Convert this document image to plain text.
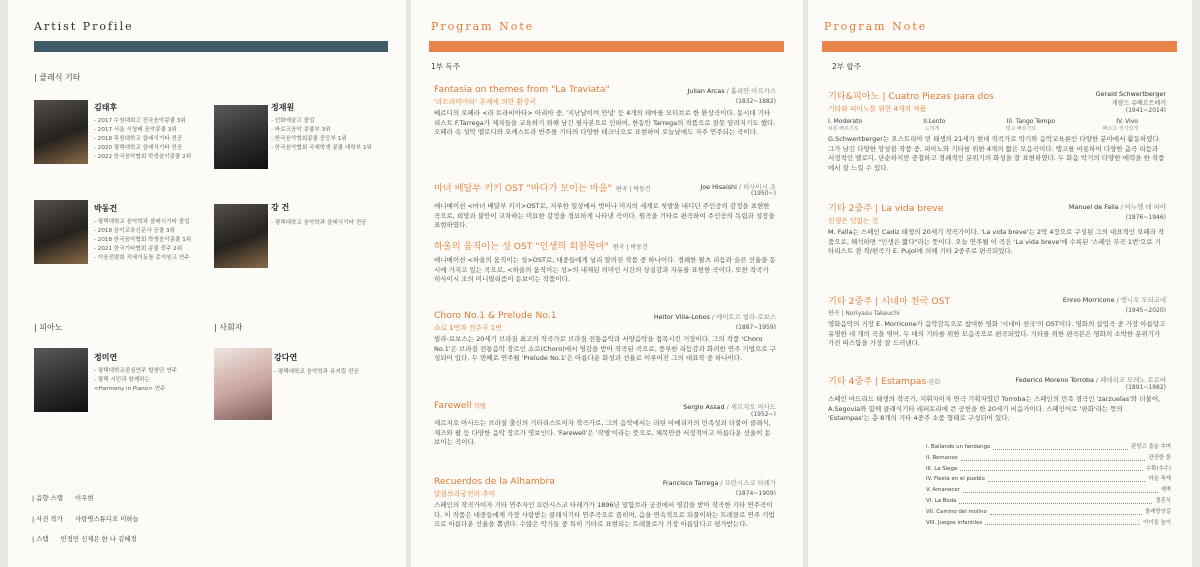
Artist Profile
| 클래식 기타
김태후
- 2017 수원대회고 전국음악콩쿨 3위
- 2017 서울 시청배 음악콩쿨 3위
- 2018 목원대학교 클래식기타 전공
- 2020 평택대학교 클래식기타 전공
- 2022 한국음악협회 학생음악콩쿨 2위
정재원
- 선화예술고 졸업
- 바로크음악 콩쿨부 3위
- 한국음악협회콩쿨 중등부 1위
- 한국음악협회 국제학생 콩쿨 대학부 1위
박동건
- 평택대학교 음악학과 클래식기타 졸업
- 2018 음악교육신문사 공쿨 3위
- 2018 한국음악협회 학생음악콩쿨 1위
- 2021 한국기타협회 콩쿨 중주 2위
- 이음전람회 직세이동를 총지원고 연주
강 건
- 평택대학교 음악학과 클래식기타 전공
| 피아노	| 사회자
정미연
- 평택대학교중심연주 합창단 연주
- 평택 시민과 함께하는
<Harmony in Piano> 연주
강다연
- 평택대학교 음악학과 뮤지컬 전공
| 음향 스탭 이우현
| 사진 작가 사랑병스튜디오 이하늘
| 스탭 민정민 신제은 한 나 김혜경
Program Note
1부 독주
Fantasia on themes from "La Traviata"
'라트라비아타' 주제에 의한 환상곡
Julian Arcas / 훌리안 아르카스
(1832~1882)
베르디의 오페라 <라 트라비아타> 아리아 중, '지난날이여 안녕' 등 4개의 테마를 모티브로 한 환상곡이다. 동시대 기타리스트 F.Tarrega가 제자들을 교육하기 위해 남긴 필사본으로 인하여, 한동안 Tarrega의 작품으로 잘못 알려지기도 했다. 오페라 속 성악 멜로디와 오케스트라 반주를 기타의 다양한 테크닉으로 표현하여 오늘날에도 자주 연주되는 곡이다.
마녀 배달부 키키 OST "바다가 보이는 마을" 편곡 | 박동건	Joe Hisaishi / 히사이시 조
(1950~)
애니메이션 <마녀 배달부 키키>OST로, 지루한 일상에서 벗어나 미지의 세계로 첫발을 내디딘 주인공의 감정을 표현한 곡으로, 희망과 불안이 교차하는 미묘한 감정을 경묘하게 나타낸 곡이다. 원곡을 기타로 편곡하여 주인공의 독립과 성장을 표현하였다.
하울의 움직이는 성 OST "인생의 회전목마" 편곡 | 박동건
애니메이션 <하울의 움직이는 성>OST로, 대중들에게 널리 알려진 작품 중 하나이다. 경쾌한 왈츠 리듬과 슬픈 선율을 동시에 가지고 있는 곡으로, <하울의 움직이는 성>의 내재된 의미인 시간의 상실감과 자유를 표현한 곡이다. 또한 작곡가 히사이시 조의 미니멀리즘이 돋보이는 작품이다.
Choro No.1 & Prelude No.1
쇼로 1번과 전주곡 1번
Heitor Villa-Lobos / 에이토르 빌라-로보스
(1887~1959)
빌라-로보스는 20세기 브라질 최고의 작곡가로 브라질 전통음악과 서양음악을 접목시킨 거장이다. 그의 작품 'Choro No.1'은 브라질 전통음악 장르인 쇼로(Choro)에서 영감을 받아 작곡된 곡으로, 풍부한 리듬감과 화려한 연주 기법으로 구성되어 있다. 두 번째로 연주될 'Prelude No.1'은 아름다운 화성과 선율로 이루어진 그의 대표작 중 하나이다.
Farewell 작별	Sergio Assad / 세르지오 아사드
(1952~)
세르지오 아사드는 브라질 출신의 기타리스트이자 작곡가로, 그의 음악에서는 라틴 아메리카의 민족성과 더불어 클래식, 재즈와 팝 등 다양한 음악 장르가 엿보인다. 'Farewell'은 '작별'이라는 뜻으로, 체목만큼 서정적이고 아름다운 선율이 돋보이는 곡이다.
Recuerdos de la Alhambra
알함브라궁전의 추억
Francisco Tarrega / 프란시스코 타레가
(1874~1909)
스페인의 작곡가이자 기타 연주자인 프란시스코 타레가가 1896년 알함브라 궁전에서 영감을 받아 작곡한 기타 연주곡이다. 이 작품은 대중들에게 가장 사랑받는 클래식기타 연주곡으로 꼽히며, 음을 연속적으로 되풀이하는 트레몰로 연주 기법으로 아름다운 선율을 뽑낸다. 수많은 악기들 중 특히 기타로 표현되는 트레몰로가 가장 아름답다고 평가받는다.
Program Note
2부 합주
기타&피아노 | Cuatro Piezas para dos
기타와 피아노를 위한 4개의 작품
Gerald Schwertberger
게랄드 슈베르트베거
(1941~2014)
I. Moderato	II.Lento	III. Tango Tempo	IV. Vivo
보통 빠르기로	느리게	탱고 빠르기로	빠르고 생기있게
G.Schwertberger는 오스트리아 빈 태생의 21세기 현대 작곡가로 악기와 음악교육론인 다양한 분야에서 활동하였다. 그가 남긴 다양한 앙상블 작품 중, 피아노와 기타를 위한 4개의 짧은 모음곡이다. 탱고를 비롯하여 다양한 춤곡 리듬과 서정적인 멜로디, 단순하지만 중첩하고 경쾌적인 분위기의 화성을 잘 표현하였다. 두 화음 악기의 다양한 매력을 한 작품에서 잘 느낄 수 있다.
기타 2중주 | La vida breve
인생은 덧없는 것
Manuel de Falla / 마누엘 데 파야
(1876~1946)
M. Falla는 스페인 Cadiz 태생의 20세기 작곡가이다. 'La vida breve'는 2막 4장으로 구성된 그의 대표적인 오페라 작품으로, 해석하면 "인생은 짧다"라는 뜻이다. 오늘 연주될 이 곡은 'La vida breve'에 수록된 '스페인 무곡 1번'으로 기타리스트 겸 작/편곡가 E. Pujol에 의해 기타 2중주로 편곡되었다.
기타 2중주 | 시네마 천국 OST
편곡 | Noriyasu Takeuchi
Ennio Morricone / 엔니오 모리코네
(1945~2020)
영화음악의 거장 E. Morricone가 음악감독으로 참여한 영화 '시네마 천국'의 OST이다. 영화의 삽입곡 중 가장 아름답고 유명한 네 개의 곡을 엮어, 두 대의 기타를 위한 모음곡으로 편곡되었다. 기타를 위한 편곡본은 영화의 소박한 분위기가 가진 따스함을 가장 잘 드러낸다.
기타 4중주 | Estampas 판화	Federico Moreno Torroba / 페데리코 모레노 토로바
(1891~1982)
스페인 마드리드 태생의 작곡가, 지휘자이자 연극 기획자였던 Torroba는 스페인의 민족 경극인 'zarzuelas'와 더불어, A.Segovia와 함께 클래식기타 레퍼토리에 큰 공헌을 한 20세기 비음가이다. 스페인어로 '판화'라는 뜻의 'Estampas'는 총 8개의 기타 4중주 소품 형태로 구성되어 있다.
I. Bailando un fandango	판당고 춤을 추며
II. Remanso	잔잔한 물
III. La Siega	수확(추수)
IV. Fiesta en el pueblo	마을 축제
V. Amanecer	새벽
VI. La Boda	결혼식
VII. Camino del molino	물레방앗길
VIII. Juegos infantiles	아이들 놀이
